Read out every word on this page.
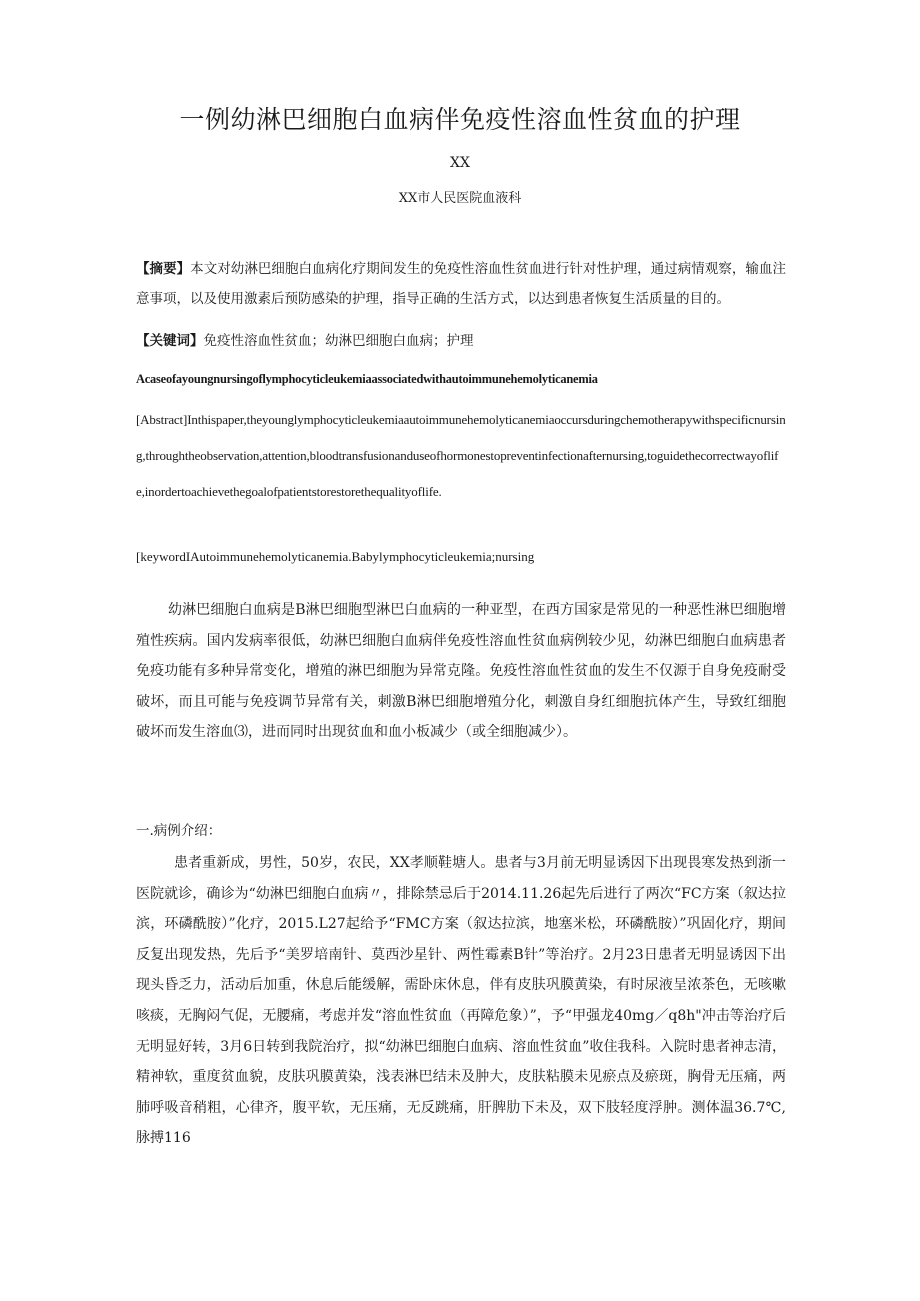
一例幼淋巴细胞白血病伴免疫性溶血性贫血的护理
XX
XX市人民医院血液科
【摘要】本文对幼淋巴细胞白血病化疗期间发生的免疫性溶血性贫血进行针对性护理，通过病情观察，输血注意事项，以及使用激素后预防感染的护理，指导正确的生活方式，以达到患者恢复生活质量的目的。
【关键词】免疫性溶血性贫血；幼淋巴细胞白血病；护理
Acaseofayoungnursingoflymphocyticleukemiaassociatedwithautoimmunehemolyticanemia
[Abstract]Inthispaper,theyounglymphocyticleukemiaautoimmunehemolyticanemiaoccursduringchemotherapywithspecificnursing,throughtheobservation,attention,bloodtransfusionanduseofhormonestopreventinfectionafternursing,toguidethecorrectwayoflife,inordertoachievethegoalofpatientstorestorethequalityoflife.
[keywordIAutoimmunehemolyticanemia.Babylymphocyticleukemia;nursing
幼淋巴细胞白血病是B淋巴细胞型淋巴白血病的一种亚型，在西方国家是常见的一种恶性淋巴细胞增殖性疾病。国内发病率很低，幼淋巴细胞白血病伴免疫性溶血性贫血病例较少见，幼淋巴细胞白血病患者免疫功能有多种异常变化，增殖的淋巴细胞为异常克隆。免疫性溶血性贫血的发生不仅源于自身免疫耐受破坏，而且可能与免疫调节异常有关，刺激B淋巴细胞增殖分化，刺激自身红细胞抗体产生，导致红细胞破坏而发生溶血⑶，进而同时出现贫血和血小板减少（或全细胞减少）。
一.病例介绍：
患者重新成，男性，50岁，农民，XX孝顺鞋塘人。患者与3月前无明显诱因下出现畏寒发热到浙一医院就诊，确诊为“幼淋巴细胞白血病〃，排除禁忌后于2014.11.26起先后进行了两次“FC方案（叙达拉滨，环磷酰胺）”化疗，2015.L27起给予“FMC方案（叙达拉滨，地塞米松，环磷酰胺）”巩固化疗，期间反复出现发热，先后予“美罗培南针、莫西沙星针、两性霉素B针”等治疗。2月23日患者无明显诱因下出现头昏乏力，活动后加重，休息后能缓解，需卧床休息，伴有皮肤巩膜黄染，有时尿液呈浓茶色，无咳嗽咳痰，无胸闷气促，无腰痛，考虑并发“溶血性贫血（再障危象）”，予“甲强龙40mg／q8h"冲击等治疗后无明显好转，3月6日转到我院治疗，拟“幼淋巴细胞白血病、溶血性贫血”收住我科。入院时患者神志清，精神软，重度贫血貌，皮肤巩膜黄染，浅表淋巴结未及肿大，皮肤粘膜未见瘀点及瘀斑，胸骨无压痛，两肺呼吸音稍粗，心律齐，腹平软，无压痛，无反跳痛，肝脾肋下未及，双下肢轻度浮肿。测体温36.7℃,脉搏116
